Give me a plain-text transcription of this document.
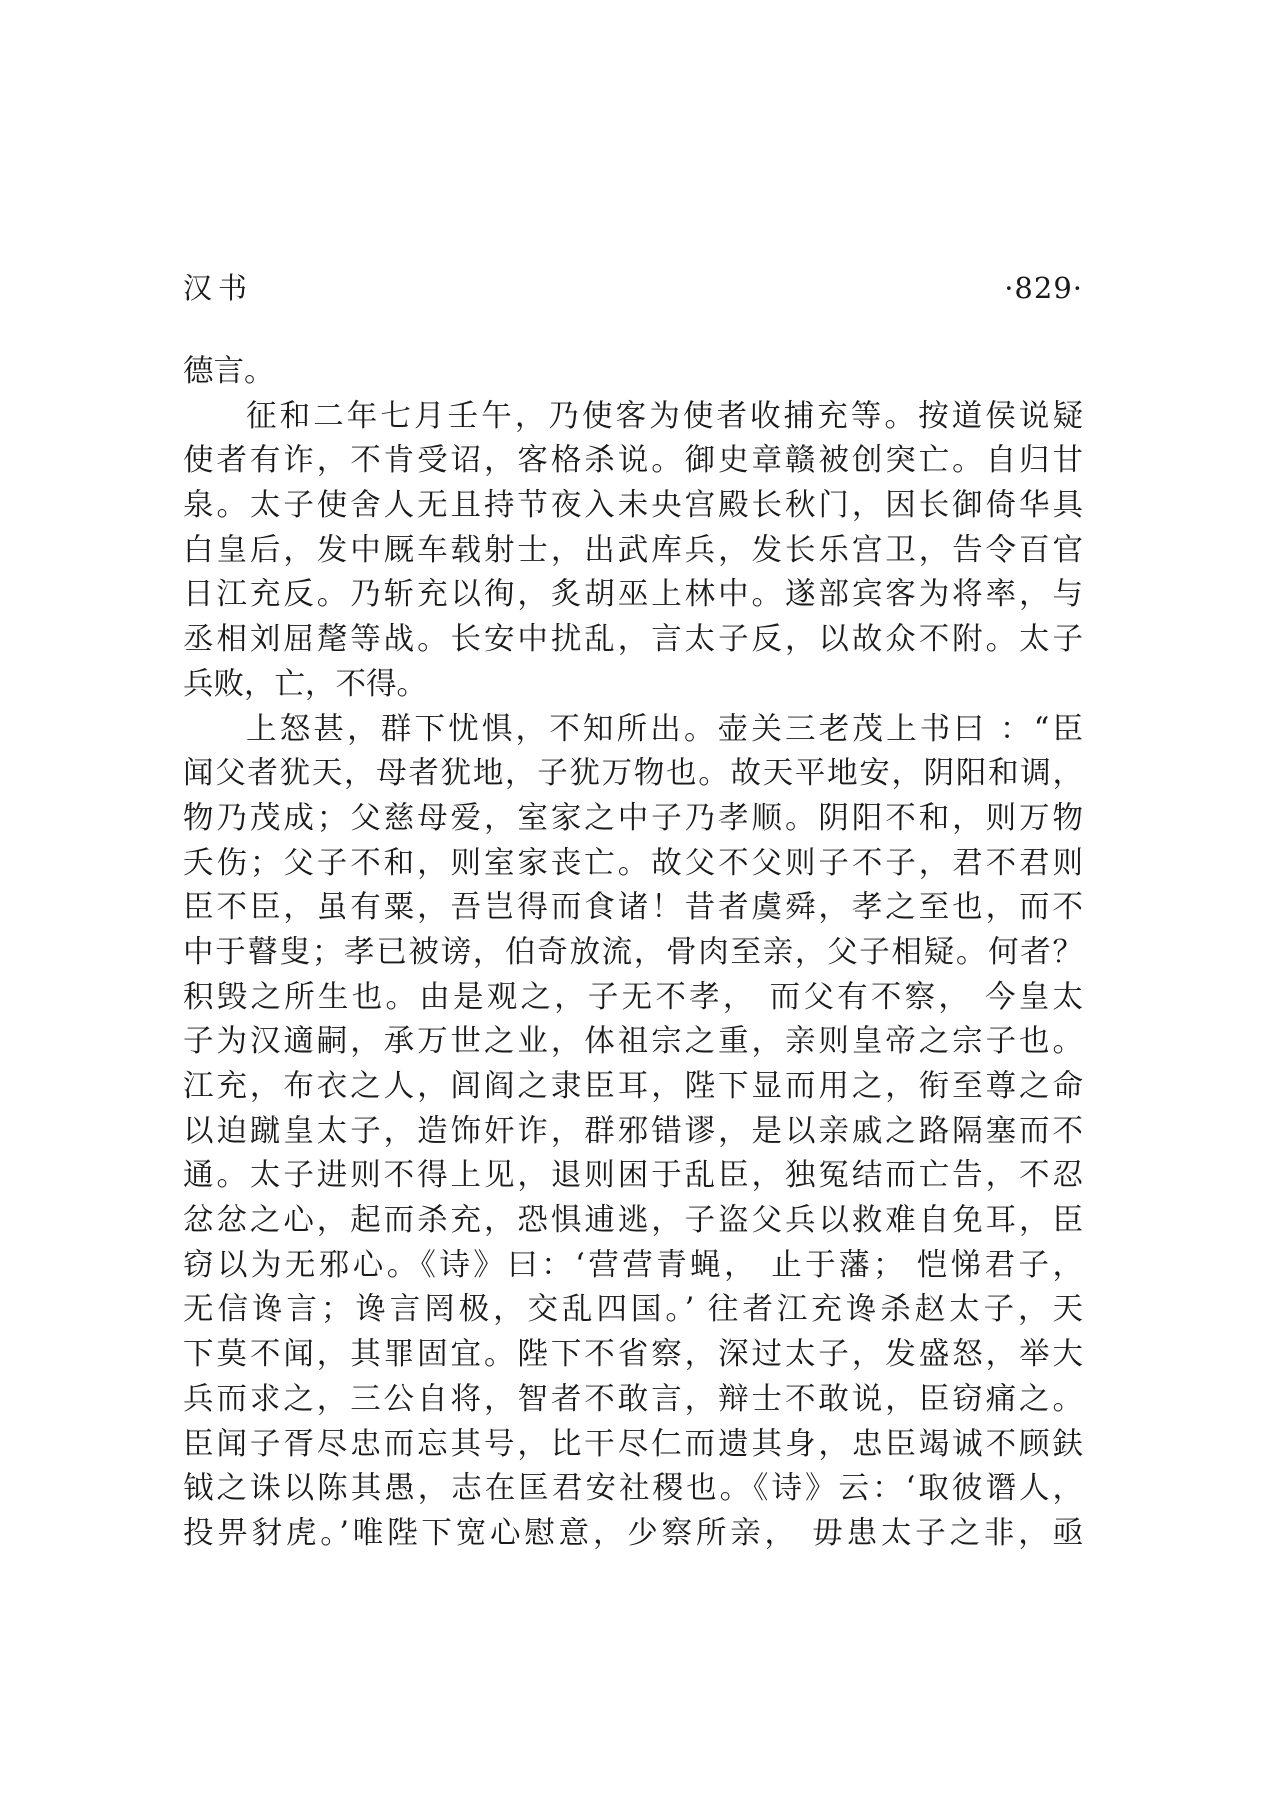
汉书	·829·
德言。
征和二年七月壬午，乃使客为使者收捕充等。按道侯说疑
使者有诈，不肯受诏，客格杀说。御史章赣被创突亡。自归甘
泉。太子使舍人无且持节夜入未央宫殿长秋门，因长御倚华具
白皇后，发中厩车载射士，出武库兵，发长乐宫卫，告令百官
日江充反。乃斩充以徇，炙胡巫上林中。遂部宾客为将率，与
丞相刘屈氂等战。长安中扰乱，言太子反，以故众不附。太子
兵败，亡，不得。
上怒甚，群下忧惧，不知所出。壶关三老茂上书曰 ：“臣
闻父者犹天，母者犹地，子犹万物也。故天平地安，阴阳和调，
物乃茂成；父慈母爱，室家之中子乃孝顺。阴阳不和，则万物
夭伤；父子不和，则室家丧亡。故父不父则子不子，君不君则
臣不臣，虽有粟，吾岂得而食诸！昔者虞舜，孝之至也，而不
中于瞽叟；孝已被谤，伯奇放流，骨肉至亲，父子相疑。何者？
积毁之所生也。由是观之，子无不孝， 而父有不察， 今皇太
子为汉適嗣，承万世之业，体祖宗之重，亲则皇帝之宗子也。
江充，布衣之人，闾阎之隶臣耳，陛下显而用之，衔至尊之命
以迫蹴皇太子，造饰奸诈，群邪错谬，是以亲戚之路隔塞而不
通。太子进则不得上见，退则困于乱臣，独冤结而亡告，不忍
忿忿之心，起而杀充，恐惧逋逃，子盗父兵以救难自免耳，臣
窃以为无邪心。《诗》曰：‘营营青蝇， 止于藩； 恺悌君子，
无信谗言；谗言罔极，交乱四国。’ 往者江充谗杀赵太子，天
下莫不闻，其罪固宜。陛下不省察，深过太子，发盛怒，举大
兵而求之，三公自将，智者不敢言，辩士不敢说，臣窃痛之。
臣闻子胥尽忠而忘其号，比干尽仁而遗其身，忠臣竭诚不顾鈇
钺之诛以陈其愚，志在匡君安社稷也。《诗》云：‘取彼谮人，
投畀豺虎。’唯陛下宽心慰意，少察所亲， 毋患太子之非，亟
